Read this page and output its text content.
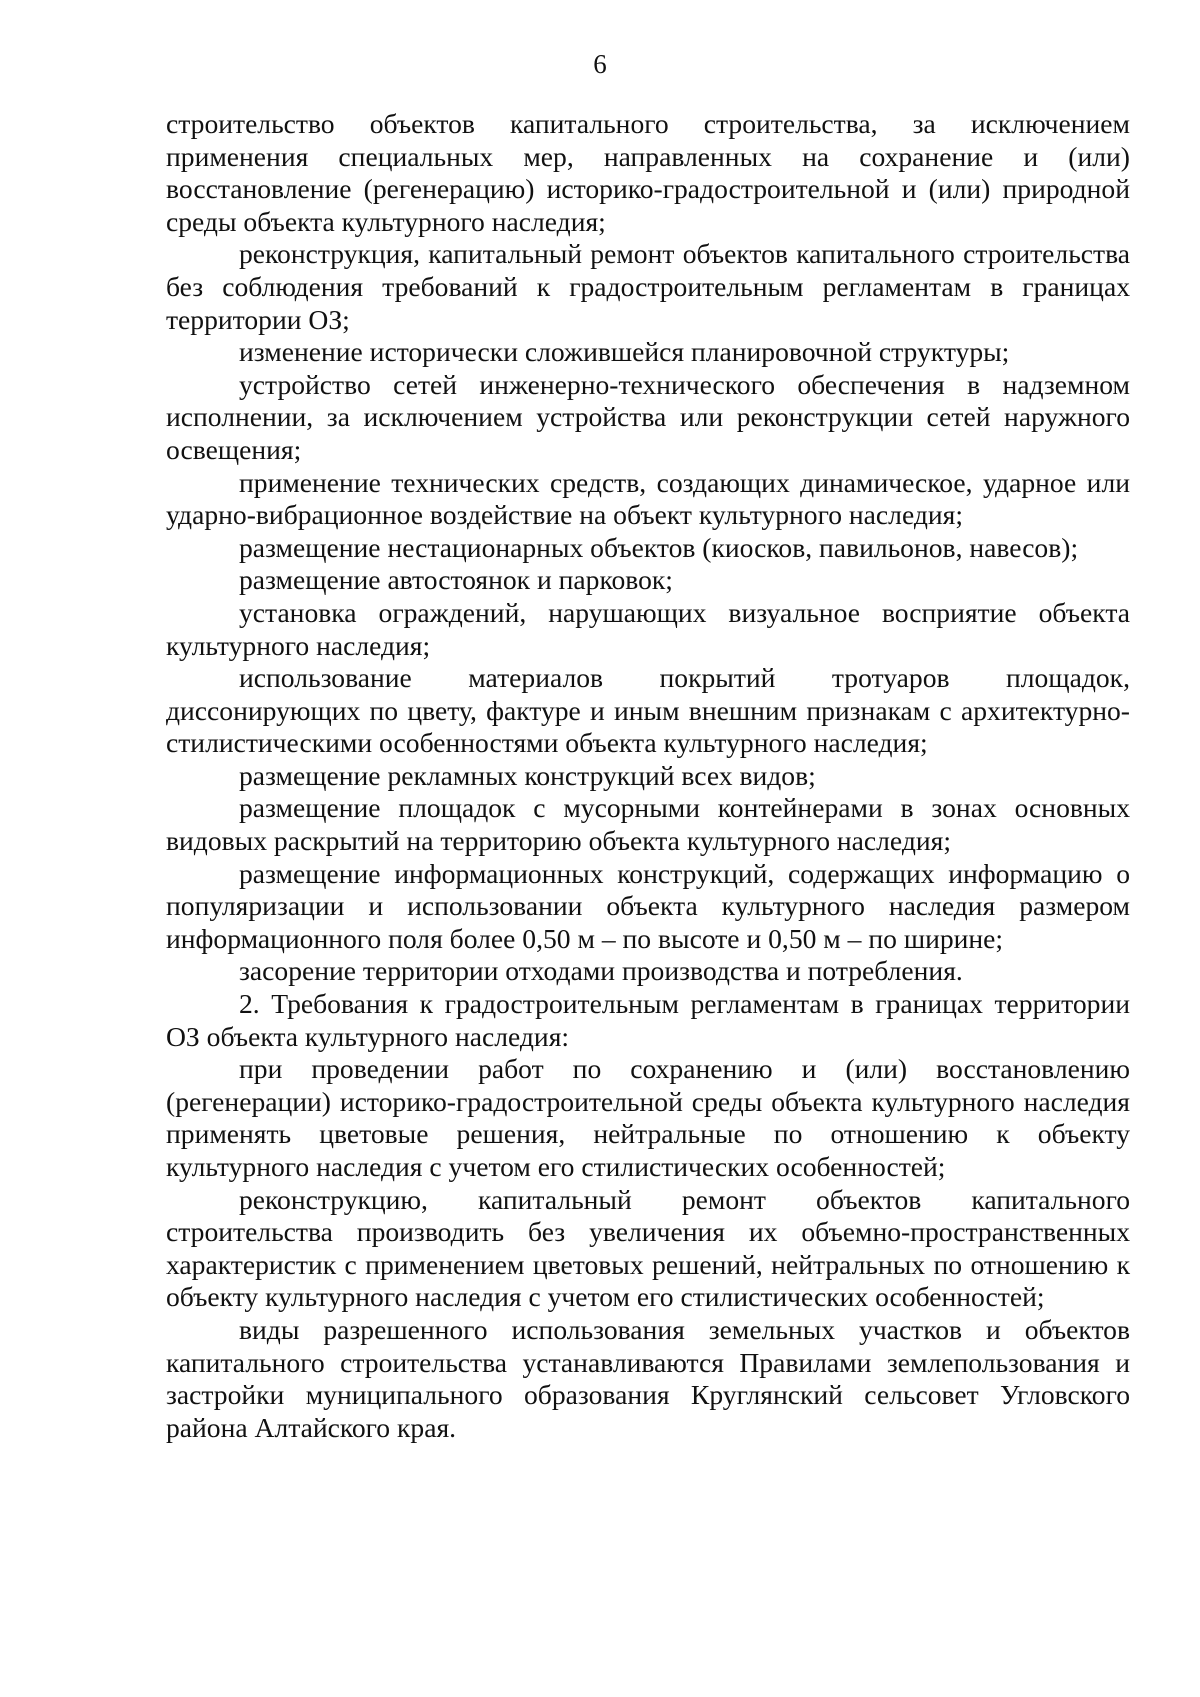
6

строительство объектов капитального строительства, за исключением применения специальных мер, направленных на сохранение и (или) восстановление (регенерацию) историко-градостроительной и (или) природной среды объекта культурного наследия;

реконструкция, капитальный ремонт объектов капитального строительства без соблюдения требований к градостроительным регламентам в границах территории ОЗ;

изменение исторически сложившейся планировочной структуры;

устройство сетей инженерно-технического обеспечения в надземном исполнении, за исключением устройства или реконструкции сетей наружного освещения;

применение технических средств, создающих динамическое, ударное или ударно-вибрационное воздействие на объект культурного наследия;

размещение нестационарных объектов (киосков, павильонов, навесов);

размещение автостоянок и парковок;

установка ограждений, нарушающих визуальное восприятие объекта культурного наследия;

использование материалов покрытий тротуаров площадок, диссонирующих по цвету, фактуре и иным внешним признакам с архитектурно-стилистическими особенностями объекта культурного наследия;

размещение рекламных конструкций всех видов;

размещение площадок с мусорными контейнерами в зонах основных видовых раскрытий на территорию объекта культурного наследия;

размещение информационных конструкций, содержащих информацию о популяризации и использовании объекта культурного наследия размером информационного поля более 0,50 м – по высоте и 0,50 м – по ширине;

засорение территории отходами производства и потребления.

2. Требования к градостроительным регламентам в границах территории ОЗ объекта культурного наследия:

при проведении работ по сохранению и (или) восстановлению (регенерации) историко-градостроительной среды объекта культурного наследия применять цветовые решения, нейтральные по отношению к объекту культурного наследия с учетом его стилистических особенностей;

реконструкцию, капитальный ремонт объектов капитального строительства производить без увеличения их объемно-пространственных характеристик с применением цветовых решений, нейтральных по отношению к объекту культурного наследия с учетом его стилистических особенностей;

виды разрешенного использования земельных участков и объектов капитального строительства устанавливаются Правилами землепользования и застройки муниципального образования Круглянский сельсовет Угловского района Алтайского края.
